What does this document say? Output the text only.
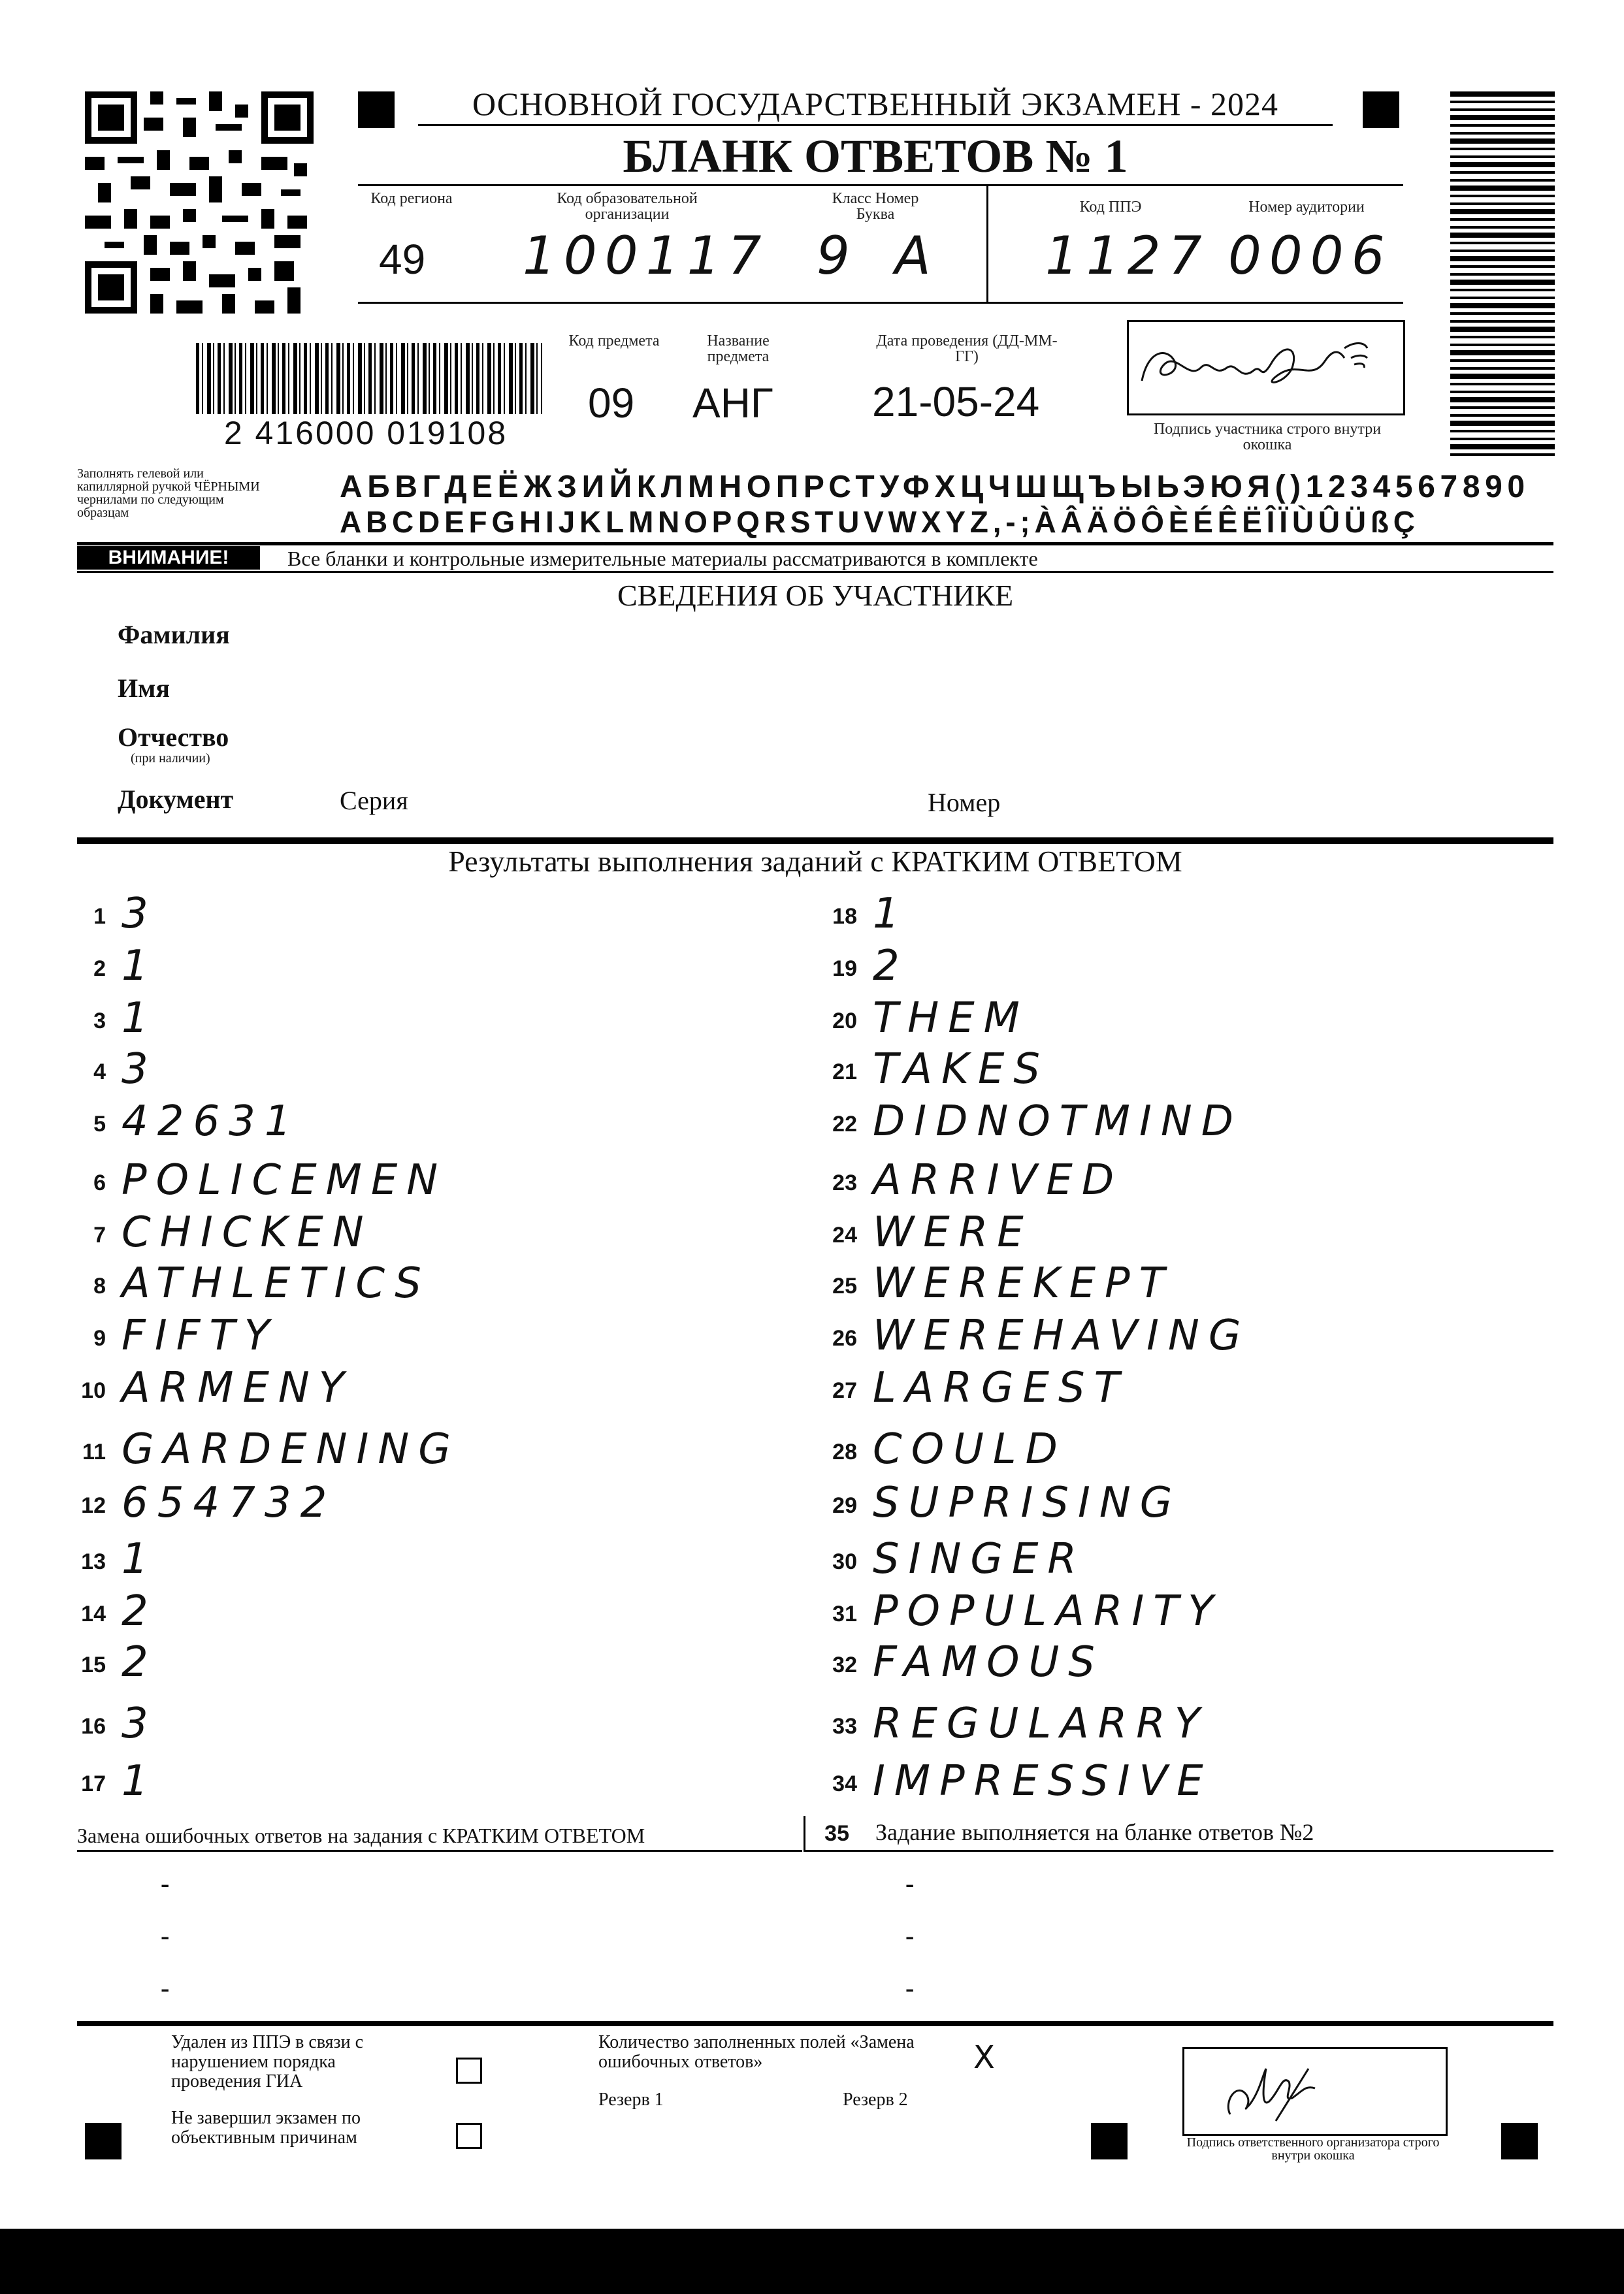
ОСНОВНОЙ ГОСУДАРСТВЕННЫЙ ЭКЗАМЕН - 2024
БЛАНК ОТВЕТОВ № 1
Код региона
49
Код образовательной организации
100117
Класс Номер Буква
9 А
Код ППЭ
1127
Номер аудитории
0006
2 416000 019108
Код предмета
09
Название предмета
АНГ
Дата проведения (ДД-ММ-ГГ)
21-05-24
Подпись участника строго внутри окошка
Заполнять гелевой или капиллярной ручкой ЧЁРНЫМИ чернилами по следующим образцам
АБВГДЕЁЖЗИЙКЛМНОПРСТУФХЦЧШЩЪЫЬЭЮЯ()1234567890
ABCDEFGHIJKLMNOPQRSTUVWXYZ,-;ÀÂÄÖÔÈÉÊËÎÏÙÛÜßÇ
ВНИМАНИЕ!	Все бланки и контрольные измерительные материалы рассматриваются в комплекте
СВЕДЕНИЯ ОБ УЧАСТНИКЕ
Фамилия
Имя
Отчество
(при наличии)
Документ	Серия	Номер
Результаты выполнения заданий с КРАТКИМ ОТВЕТОМ
1 3
2 1
3 1
4 3
5 42631
6 POLICEMEN
7 CHICKEN
8 ATHLETICS
9 FIFTY
10 ARMENY
11 GARDENING
12 654732
13 1
14 2
15 2
16 3
17 1
18 1
19 2
20 THEM
21 TAKES
22 DIDNOTMIND
23 ARRIVED
24 WERE
25 WEREKEPT
26 WEREHAVING
27 LARGEST
28 COULD
29 SUPRISING
30 SINGER
31 POPULARITY
32 FAMOUS
33 REGULARRY
34 IMPRESSIVE
Замена ошибочных ответов на задания с КРАТКИМ ОТВЕТОМ	35 Задание выполняется на бланке ответов №2
-
-
-
-
-
-
Удален из ППЭ в связи с нарушением порядка проведения ГИА
Не завершил экзамен по объективным причинам
Количество заполненных полей «Замена ошибочных ответов»	X
Резерв 1	Резерв 2
Подпись ответственного организатора строго внутри окошка
